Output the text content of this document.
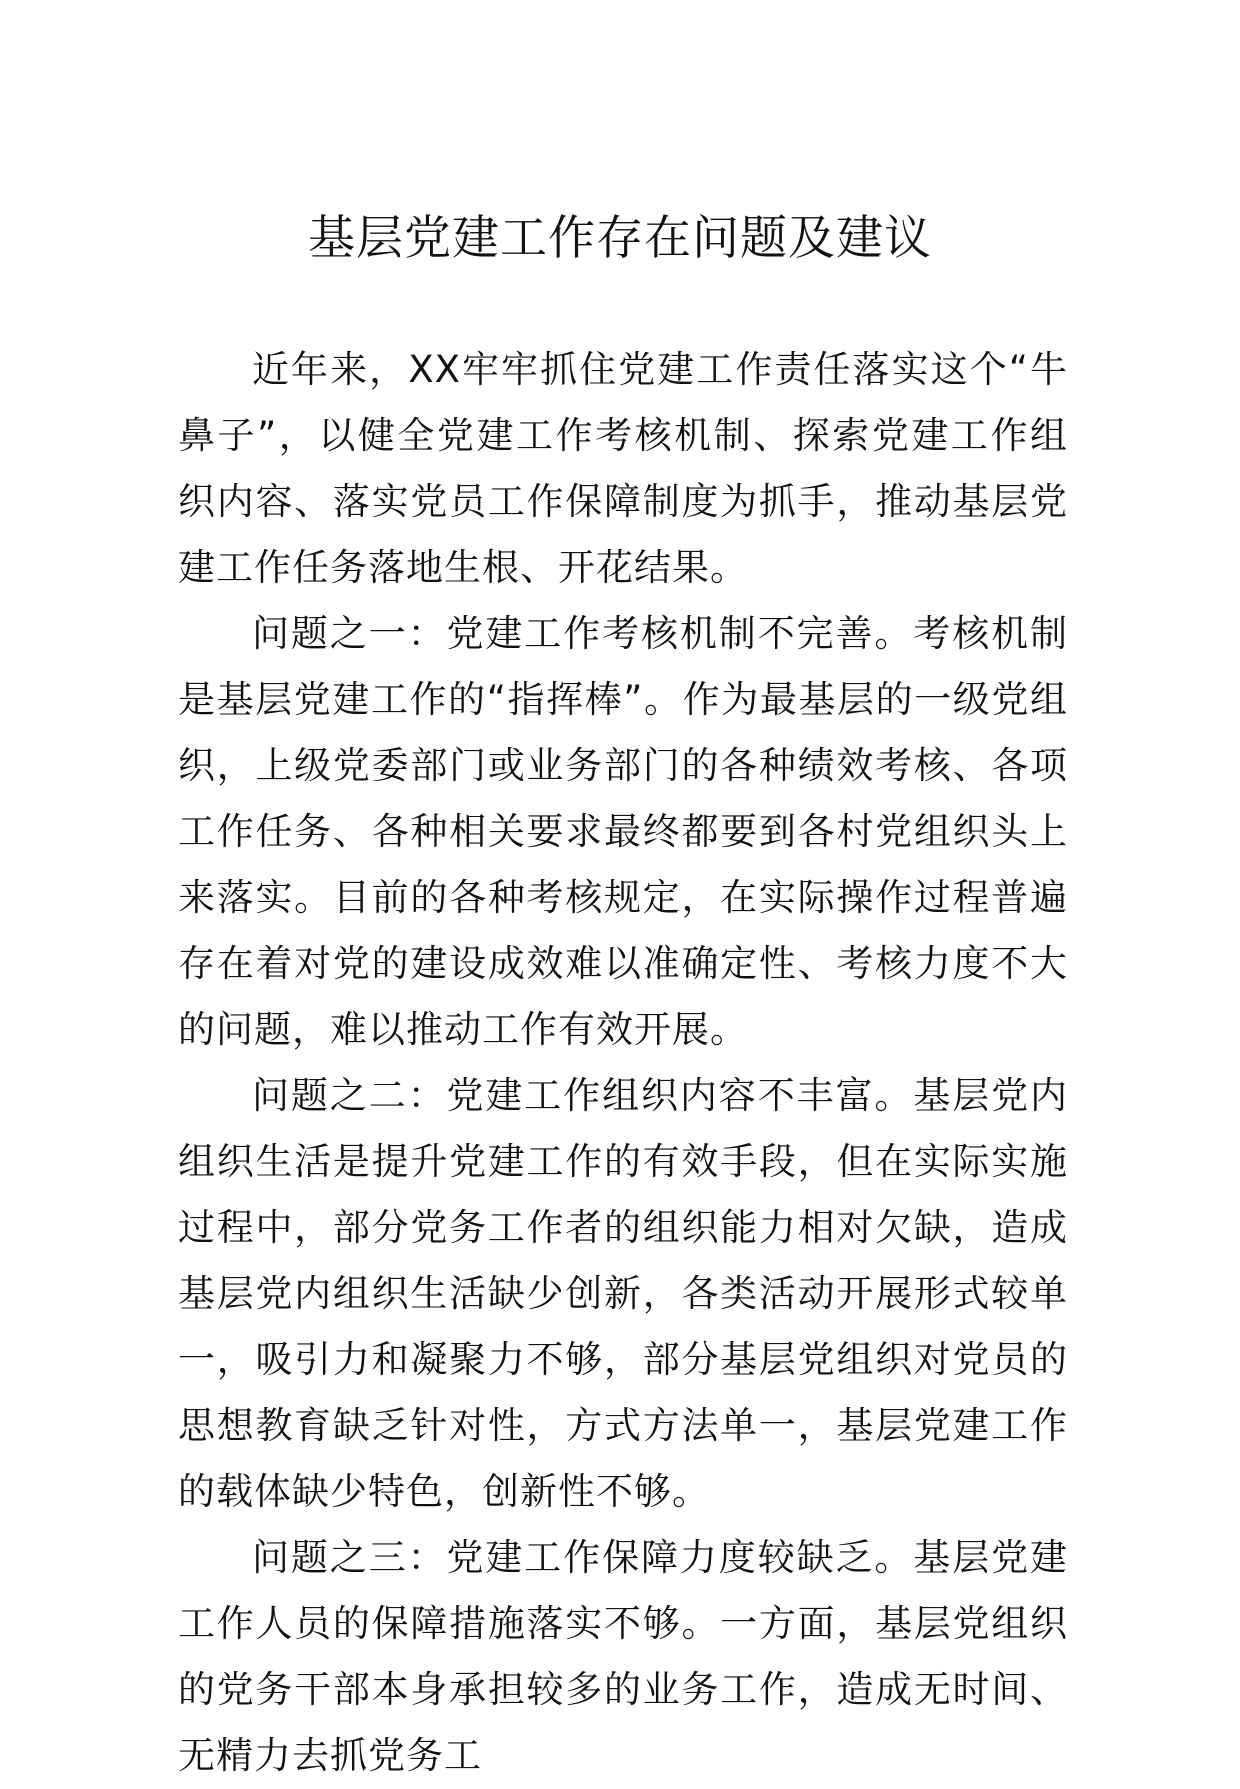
基层党建工作存在问题及建议

近年来，XX牢牢抓住党建工作责任落实这个“牛鼻子”，以健全党建工作考核机制、探索党建工作组织内容、落实党员工作保障制度为抓手，推动基层党建工作任务落地生根、开花结果。

问题之一：党建工作考核机制不完善。考核机制是基层党建工作的“指挥棒”。作为最基层的一级党组织，上级党委部门或业务部门的各种绩效考核、各项工作任务、各种相关要求最终都要到各村党组织头上来落实。目前的各种考核规定，在实际操作过程普遍存在着对党的建设成效难以准确定性、考核力度不大的问题，难以推动工作有效开展。

问题之二：党建工作组织内容不丰富。基层党内组织生活是提升党建工作的有效手段，但在实际实施过程中，部分党务工作者的组织能力相对欠缺，造成基层党内组织生活缺少创新，各类活动开展形式较单一，吸引力和凝聚力不够，部分基层党组织对党员的思想教育缺乏针对性，方式方法单一，基层党建工作的载体缺少特色，创新性不够。

问题之三：党建工作保障力度较缺乏。基层党建工作人员的保障措施落实不够。一方面，基层党组织的党务干部本身承担较多的业务工作，造成无时间、无精力去抓党务工
